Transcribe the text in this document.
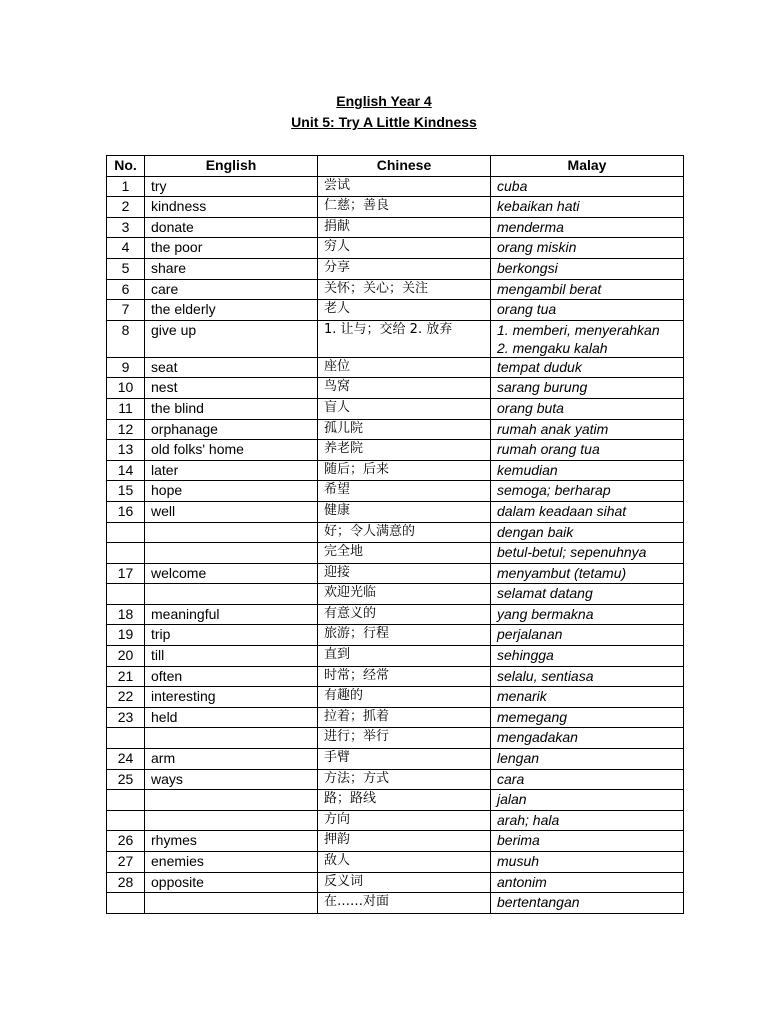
English Year 4
Unit 5: Try A Little Kindness
No.	English	Chinese	Malay
1	try	尝试	cuba
2	kindness	仁慈；善良	kebaikan hati
3	donate	捐献	menderma
4	the poor	穷人	orang miskin
5	share	分享	berkongsi
6	care	关怀；关心；关注	mengambil berat
7	the elderly	老人	orang tua
8	give up	1. 让与；交给 2. 放弃	1. memberi, menyerahkan
2. mengaku kalah
9	seat	座位	tempat duduk
10	nest	鸟窝	sarang burung
11	the blind	盲人	orang buta
12	orphanage	孤儿院	rumah anak yatim
13	old folks' home	养老院	rumah orang tua
14	later	随后；后来	kemudian
15	hope	希望	semoga; berharap
16	well	健康	dalam keadaan sihat
		好；令人满意的	dengan baik
		完全地	betul-betul; sepenuhnya
17	welcome	迎接	menyambut (tetamu)
		欢迎光临	selamat datang
18	meaningful	有意义的	yang bermakna
19	trip	旅游；行程	perjalanan
20	till	直到	sehingga
21	often	时常；经常	selalu, sentiasa
22	interesting	有趣的	menarik
23	held	拉着；抓着	memegang
		进行；举行	mengadakan
24	arm	手臂	lengan
25	ways	方法；方式	cara
		路；路线	jalan
		方向	arah; hala
26	rhymes	押韵	berima
27	enemies	敌人	musuh
28	opposite	反义词	antonim
		在……对面	bertentangan
